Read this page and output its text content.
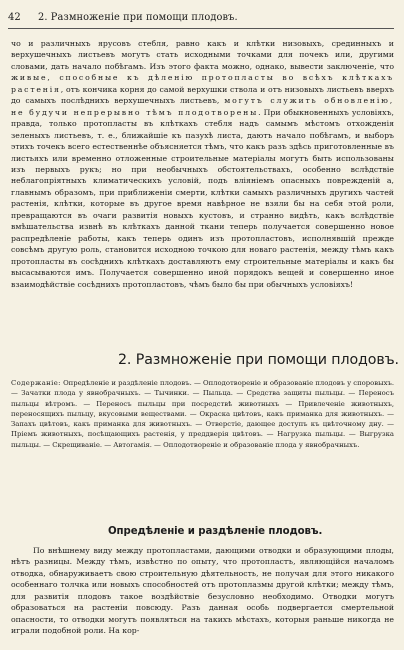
42 2. Размноженіе при помощи плодовъ.

чо и различныхъ ярусовъ стебля, равно какъ и клѣтки низовыхъ, срединныхъ и верхушечныхъ листьевъ могутъ стать исходными точками для почекъ или, другими словами, дать начало побѣгамъ. Изъ этого факта можно, однако, вывести заключеніе, что живые, способные къ дѣленію протопласты во всѣхъ клѣткахъ растенія, отъ кончика корня до самой верхушки ствола и отъ низовыхъ листьевъ вверхъ до самыхъ послѣднихъ верхушечныхъ листьевъ, могутъ служить обновленію, не будучи непрерывно тѣмъ плодотворены. При обыкновенныхъ условіяхъ, правда, только протопласты въ клѣткахъ стебля надъ самымъ мѣстомъ отхожденія зеленыхъ листьевъ, т. е., ближайшіе къ пазухѣ листа, даютъ начало побѣгамъ, и выборъ этихъ точекъ всего естественнѣе объясняется тѣмъ, что какъ разъ здѣсь приготовленные въ листьяхъ или временно отложенные строительные матеріалы могутъ быть использованы изъ первыхъ рукъ; но при необычныхъ обстоятельствахъ, особенно вслѣдствіе неблагопріятныхъ климатическихъ условій, подъ вліяніемъ опасныхъ поврежденій а, главнымъ образомъ, при приближеніи смерти, клѣтки самыхъ различныхъ другихъ частей растенія, клѣтки, которые въ другое время навѣрное не взяли бы на себя этой роли, превращаются въ очаги развитія новыхъ кустовъ, и странно видѣть, какъ вслѣдствіе вмѣшательства извнѣ въ клѣткахъ данной ткани теперь получается совершенно новое распредѣленіе работы, какъ теперь одинъ изъ протопластовъ, исполнявшій прежде совсѣмъ другую роль, становится исходною точкою для новаго растенія, между тѣмъ какъ протопласты въ сосѣднихъ клѣткахъ доставляютъ ему строительные матеріалы и какъ бы высасываются имъ. Получается совершенно иной порядокъ вещей и совершенно иное взаимодѣйствіе сосѣднихъ протопластовъ, чѣмъ было бы при обычныхъ условіяхъ!

2. Размноженіе при помощи плодовъ.

Содержаніе: Опредѣленіе и раздѣленіе плодовъ. — Оплодотвореніе и образованіе плодовъ у споровыхъ. — Зачатки плода у явнобрачныхъ. — Тычинки. — Пыльца. — Средства защиты пыльцы. — Переносъ пыльцы вѣтромъ. — Переносъ пыльцы при посредствѣ животныхъ — Привлеченіе животныхъ, переносящихъ пыльцу, вкусовыми веществами. — Окраска цвѣтовъ, какъ приманка для животныхъ. — Запахъ цвѣтовъ, какъ приманка для животныхъ. — Отверстіе, дающее доступъ къ цвѣточному дну. — Пріемъ животныхъ, посѣщающихъ растенія, у преддверія цвѣтовъ. — Нагрузка пыльцы. — Выгрузка пыльцы. — Скрещиваніе. — Автогамія. — Оплодотвореніе и образованіе плода у явнобрачныхъ.

Опредѣленіе и раздѣленіе плодовъ.

По внѣшнему виду между протопластами, дающими отводки и образующими плоды, нѣтъ разницы. Между тѣмъ, извѣстно по опыту, что протопластъ, являющійся началомъ отводка, обнаруживаетъ свою строительную дѣятельность, не получая для этого никакого особеннаго толчка или новыхъ способностей отъ протоплазмы другой клѣтки; между тѣмъ, для развитія плодовъ такое воздѣйствіе безусловно необходимо. Отводки могутъ образоваться на растеніи повсюду. Разъ данная особь подвергается смертельной опасности, то отводки могутъ появляться на такихъ мѣстахъ, которыя раньше никогда не играли подобной роли. На кор-
